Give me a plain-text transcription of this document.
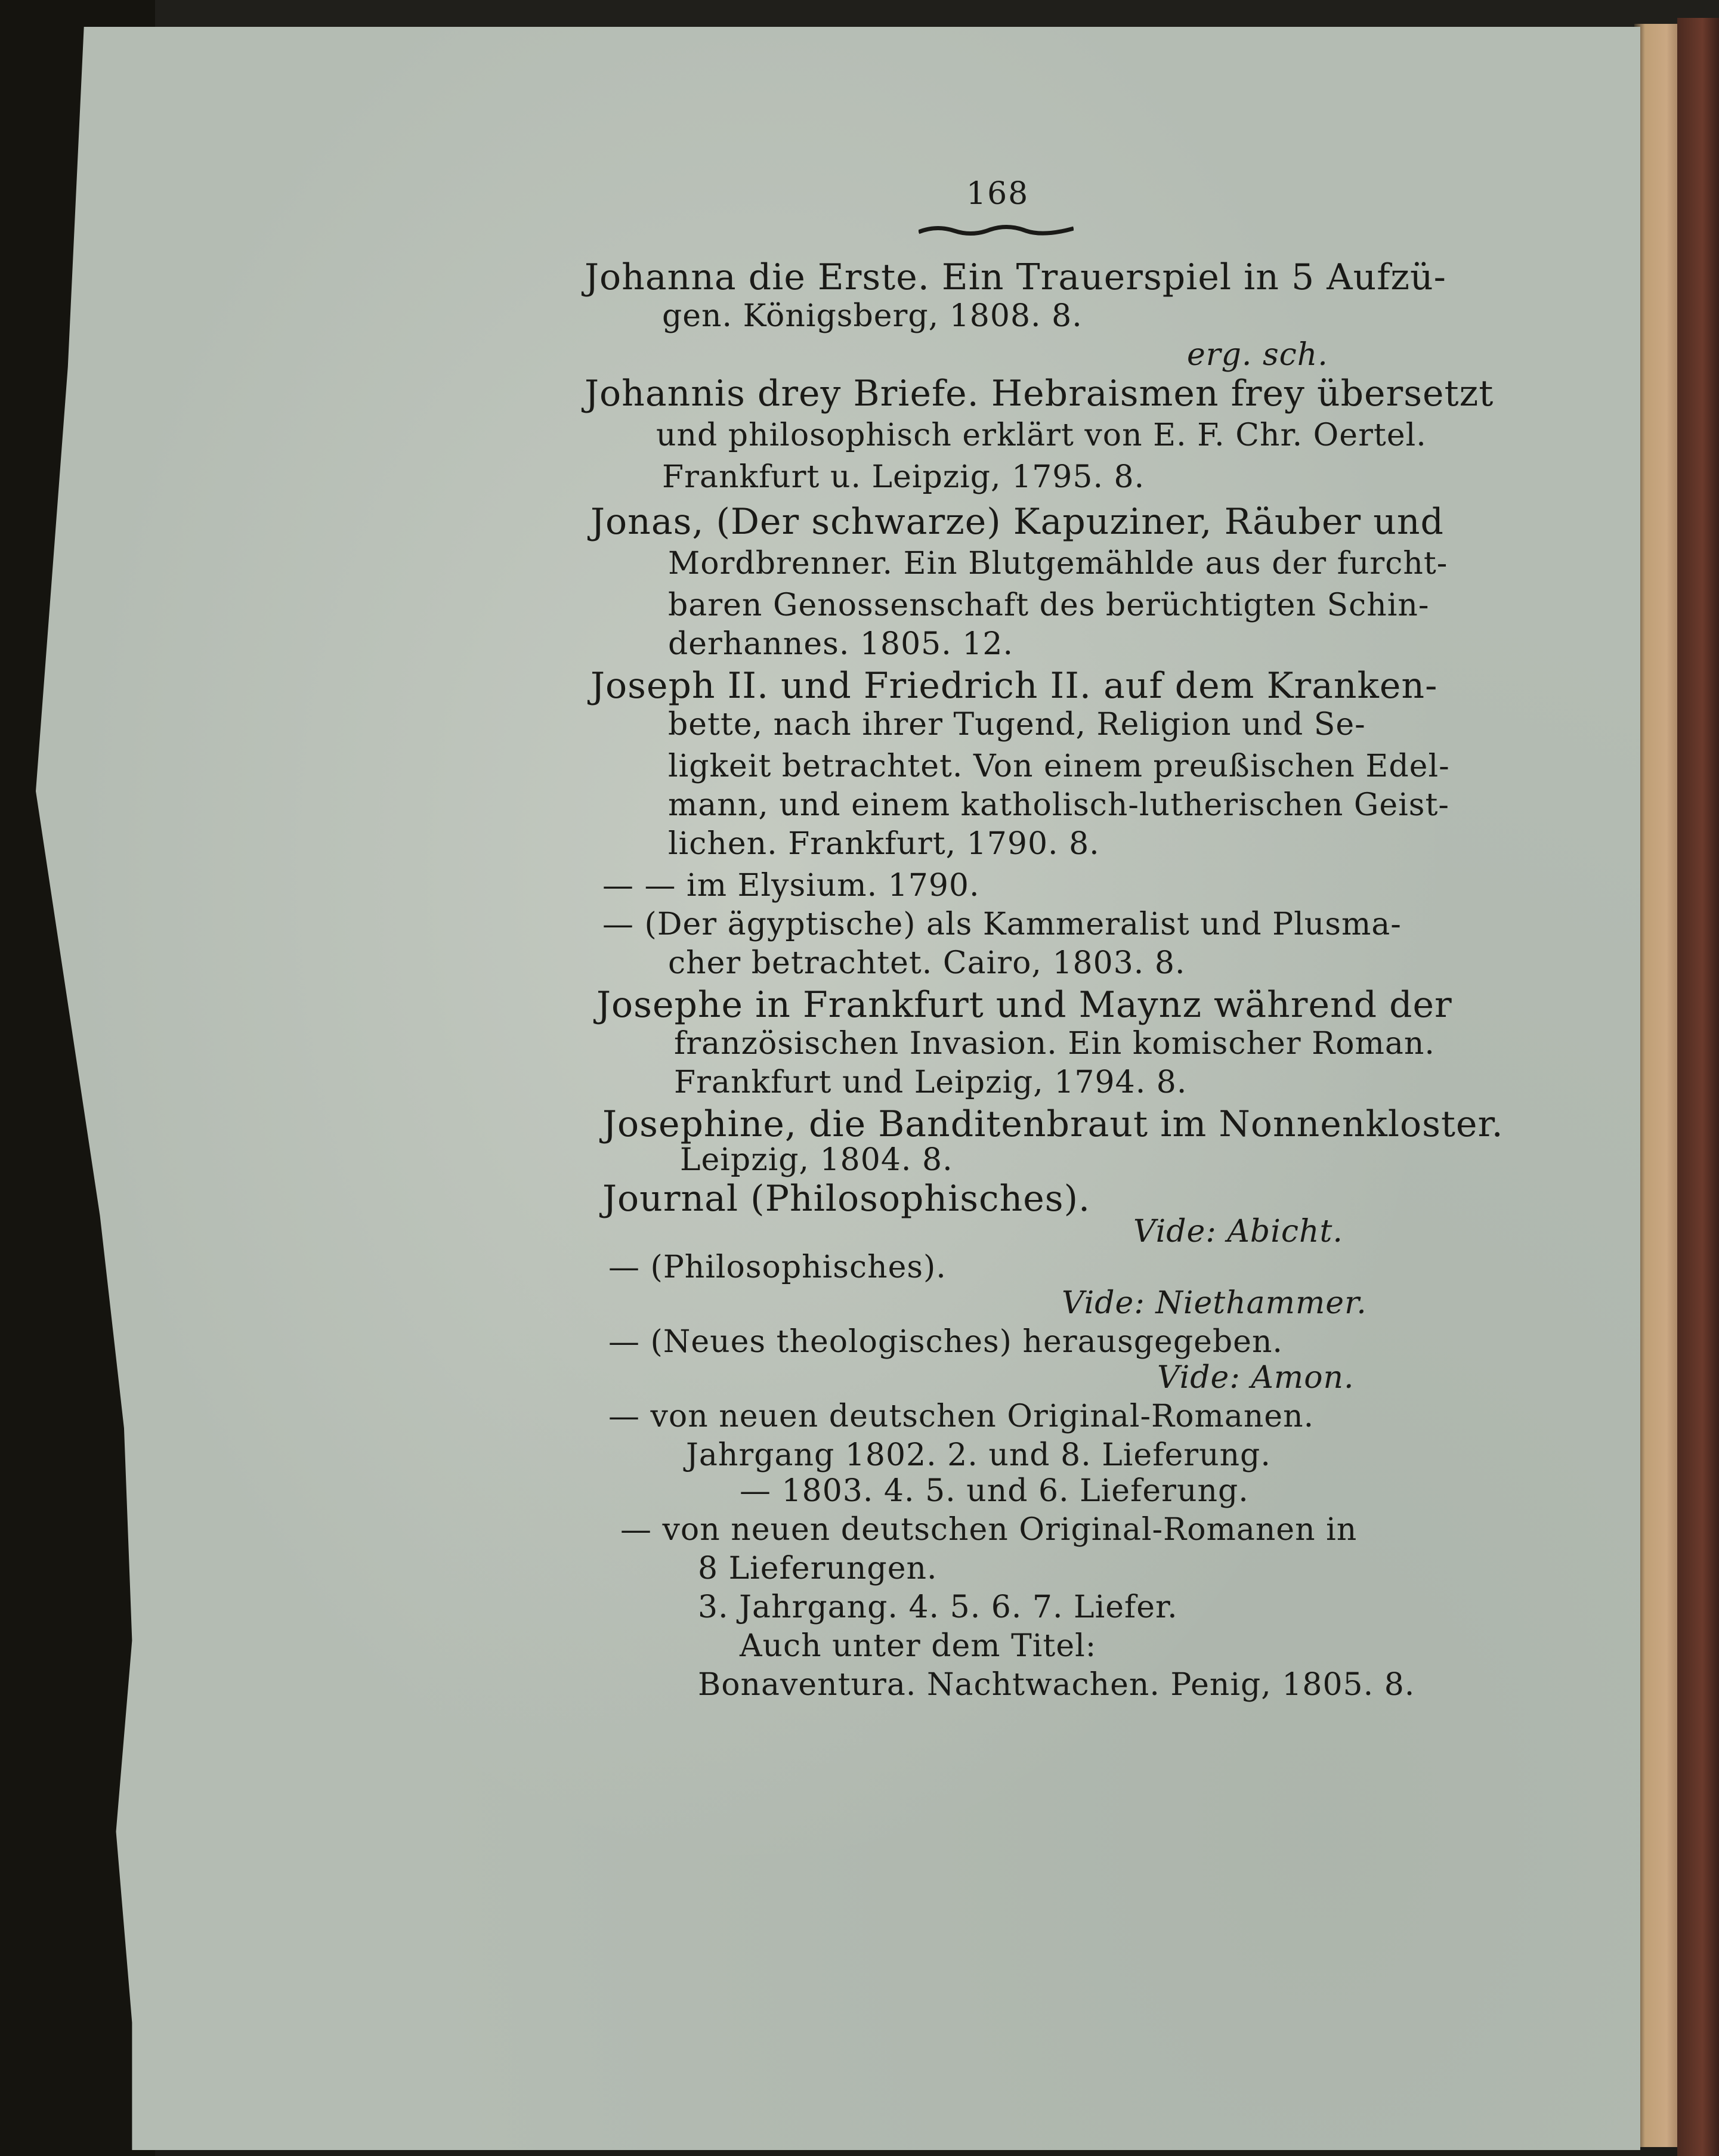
168
Johanna die Erste. Ein Trauerspiel in 5 Aufzü-
gen. Königsberg, 1808. 8.
erg. sch.
Johannis drey Briefe. Hebraismen frey übersetzt
und philosophisch erklärt von E. F. Chr. Oertel.
Frankfurt u. Leipzig, 1795. 8.
Jonas, (Der schwarze) Kapuziner, Räuber und
Mordbrenner. Ein Blutgemählde aus der furcht-
baren Genossenschaft des berüchtigten Schin-
derhannes. 1805. 12.
Joseph II. und Friedrich II. auf dem Kranken-
bette, nach ihrer Tugend, Religion und Se-
ligkeit betrachtet. Von einem preußischen Edel-
mann, und einem katholisch-lutherischen Geist-
lichen. Frankfurt, 1790. 8.
— — im Elysium. 1790.
— (Der ägyptische) als Kammeralist und Plusma-
cher betrachtet. Cairo, 1803. 8.
Josephe in Frankfurt und Maynz während der
französischen Invasion. Ein komischer Roman.
Frankfurt und Leipzig, 1794. 8.
Josephine, die Banditenbraut im Nonnenkloster.
Leipzig, 1804. 8.
Journal (Philosophisches).
Vide: Abicht.
— (Philosophisches).
Vide: Niethammer.
— (Neues theologisches) herausgegeben.
Vide: Amon.
— von neuen deutschen Original-Romanen.
Jahrgang 1802. 2. und 8. Lieferung.
— 1803. 4. 5. und 6. Lieferung.
— von neuen deutschen Original-Romanen in
8 Lieferungen.
3. Jahrgang. 4. 5. 6. 7. Liefer.
Auch unter dem Titel:
Bonaventura. Nachtwachen. Penig, 1805. 8.
